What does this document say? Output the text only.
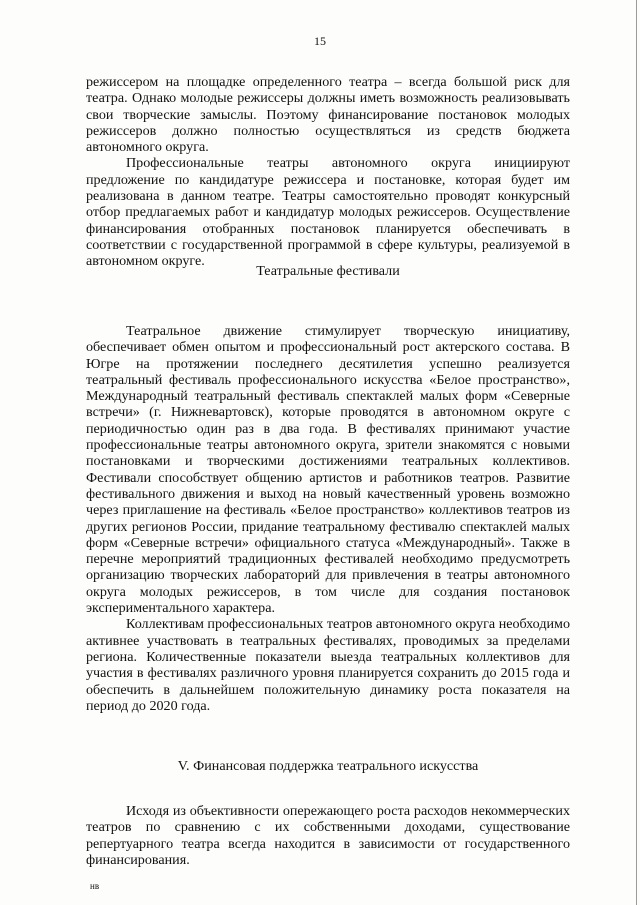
15

режиссером на площадке определенного театра – всегда большой риск для театра. Однако молодые режиссеры должны иметь возможность реализовывать свои творческие замыслы. Поэтому финансирование постановок молодых режиссеров должно полностью осуществляться из средств бюджета автономного округа.

Профессиональные театры автономного округа инициируют предложение по кандидатуре режиссера и постановке, которая будет им реализована в данном театре. Театры самостоятельно проводят конкурсный отбор предлагаемых работ и кандидатур молодых режиссеров. Осуществление финансирования отобранных постановок планируется обеспечивать в соответствии с государственной программой в сфере культуры, реализуемой в автономном округе.

Театральные фестивали

Театральное движение стимулирует творческую инициативу, обеспечивает обмен опытом и профессиональный рост актерского состава. В Югре на протяжении последнего десятилетия успешно реализуется театральный фестиваль профессионального искусства «Белое пространство», Международный театральный фестиваль спектаклей малых форм «Северные встречи» (г. Нижневартовск), которые проводятся в автономном округе с периодичностью один раз в два года. В фестивалях принимают участие профессиональные театры автономного округа, зрители знакомятся с новыми постановками и творческими достижениями театральных коллективов. Фестивали способствует общению артистов и работников театров. Развитие фестивального движения и выход на новый качественный уровень возможно через приглашение на фестиваль «Белое пространство» коллективов театров из других регионов России, придание театральному фестивалю спектаклей малых форм «Северные встречи» официального статуса «Международный». Также в перечне мероприятий традиционных фестивалей необходимо предусмотреть организацию творческих лабораторий для привлечения в театры автономного округа молодых режиссеров, в том числе для создания постановок экспериментального характера.

Коллективам профессиональных театров автономного округа необходимо активнее участвовать в театральных фестивалях, проводимых за пределами региона. Количественные показатели выезда театральных коллективов для участия в фестивалях различного уровня планируется сохранить до 2015 года и обеспечить в дальнейшем положительную динамику роста показателя на период до 2020 года.

V. Финансовая поддержка театрального искусства

Исходя из объективности опережающего роста расходов некоммерческих театров по сравнению с их собственными доходами, существование репертуарного театра всегда находится в зависимости от государственного финансирования.

нв
